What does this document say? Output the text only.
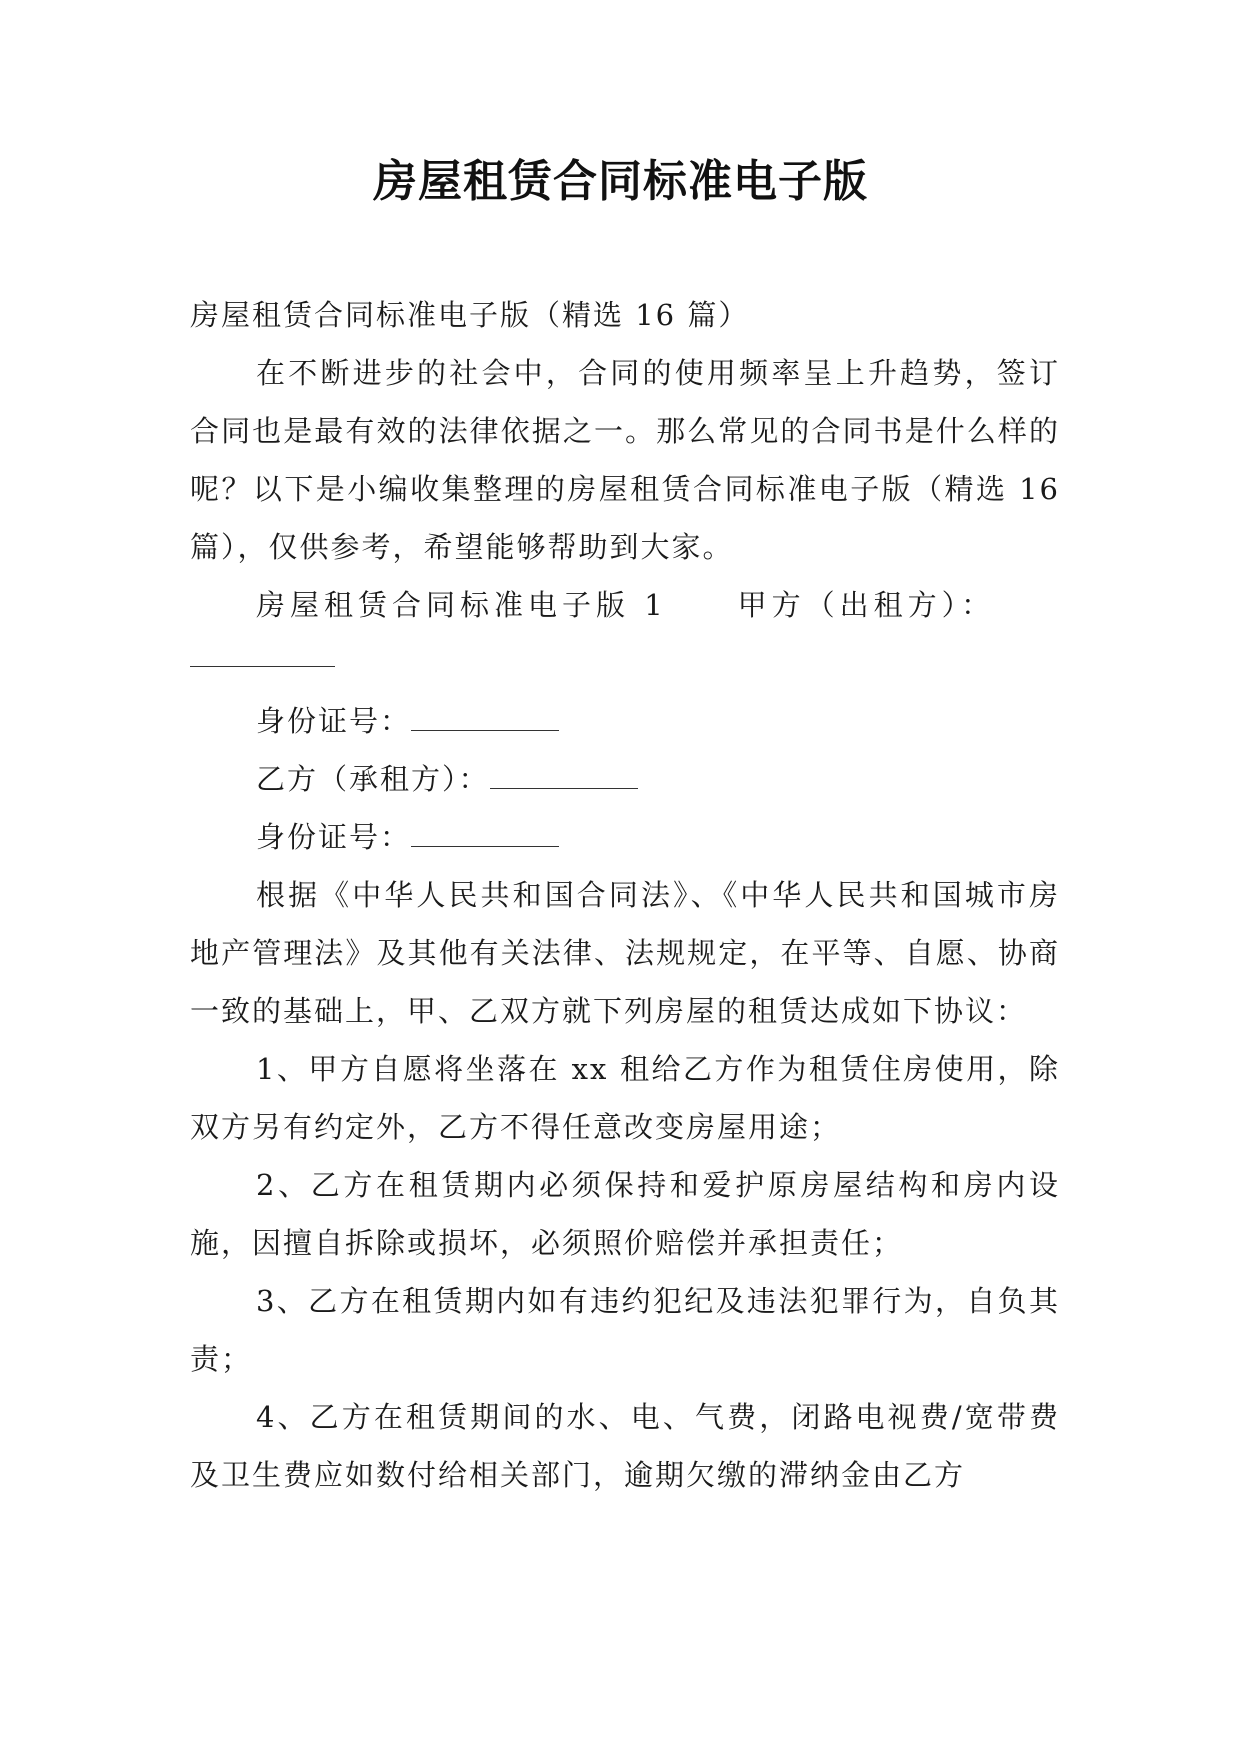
房屋租赁合同标准电子版

房屋租赁合同标准电子版（精选 16 篇）

在不断进步的社会中，合同的使用频率呈上升趋势，签订合同也是最有效的法律依据之一。那么常见的合同书是什么样的呢？以下是小编收集整理的房屋租赁合同标准电子版（精选 16 篇），仅供参考，希望能够帮助到大家。

房屋租赁合同标准电子版 1 甲方（出租方）：

身份证号：

乙方（承租方）：

身份证号：

根据《中华人民共和国合同法》、《中华人民共和国城市房地产管理法》及其他有关法律、法规规定，在平等、自愿、协商一致的基础上，甲、乙双方就下列房屋的租赁达成如下协议：

1、甲方自愿将坐落在 xx 租给乙方作为租赁住房使用，除双方另有约定外，乙方不得任意改变房屋用途；

2、乙方在租赁期内必须保持和爱护原房屋结构和房内设施，因擅自拆除或损坏，必须照价赔偿并承担责任；

3、乙方在租赁期内如有违约犯纪及违法犯罪行为，自负其责；

4、乙方在租赁期间的水、电、气费，闭路电视费/宽带费及卫生费应如数付给相关部门，逾期欠缴的滞纳金由乙方
